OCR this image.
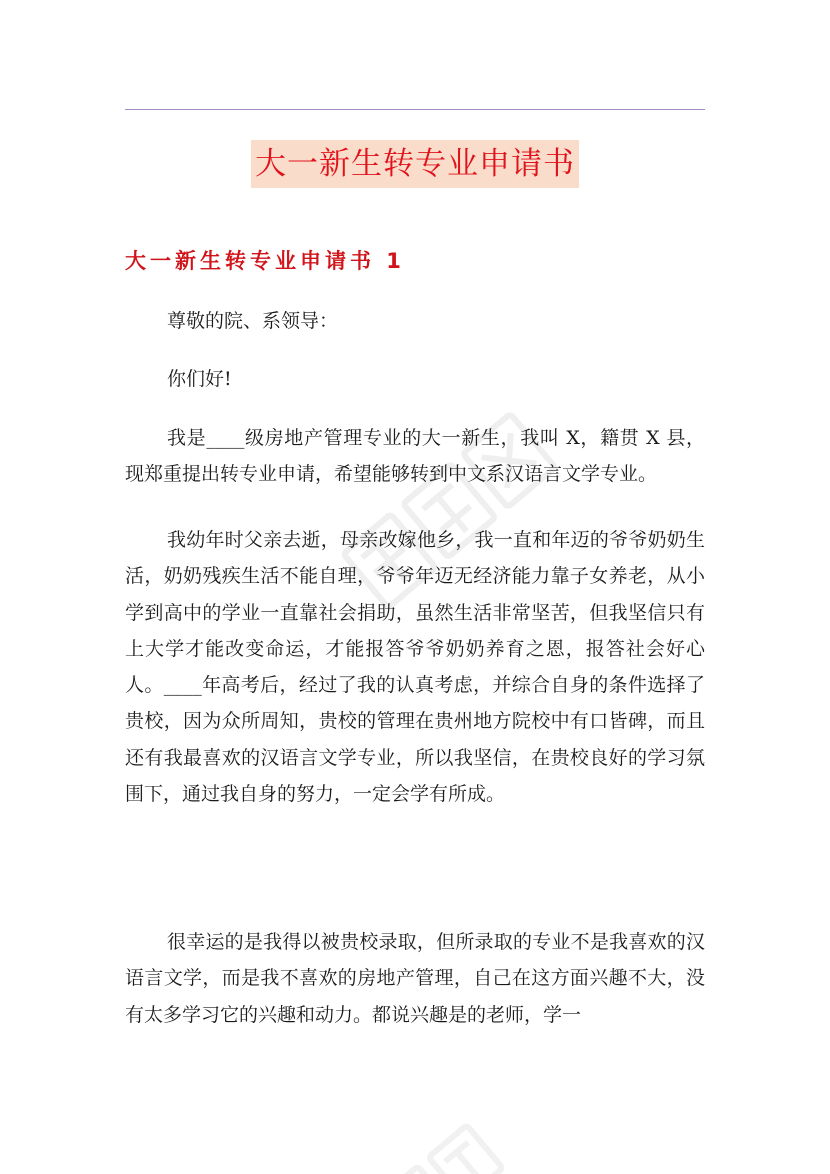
大一新生转专业申请书
大一新生转专业申请书 1
尊敬的院、系领导：
你们好!

我是____级房地产管理专业的大一新生，我叫 X，籍贯 X 县，现郑重提出转专业申请，希望能够转到中文系汉语言文学专业。

我幼年时父亲去逝，母亲改嫁他乡，我一直和年迈的爷爷奶奶生活，奶奶残疾生活不能自理，爷爷年迈无经济能力靠子女养老，从小学到高中的学业一直靠社会捐助，虽然生活非常坚苦，但我坚信只有上大学才能改变命运，才能报答爷爷奶奶养育之恩，报答社会好心人。____年高考后，经过了我的认真考虑，并综合自身的条件选择了贵校，因为众所周知，贵校的管理在贵州地方院校中有口皆碑，而且还有我最喜欢的汉语言文学专业，所以我坚信，在贵校良好的学习氛围下，通过我自身的努力，一定会学有所成。

很幸运的是我得以被贵校录取，但所录取的专业不是我喜欢的汉语言文学，而是我不喜欢的房地产管理，自己在这方面兴趣不大，没有太多学习它的兴趣和动力。都说兴趣是的老师，学一
